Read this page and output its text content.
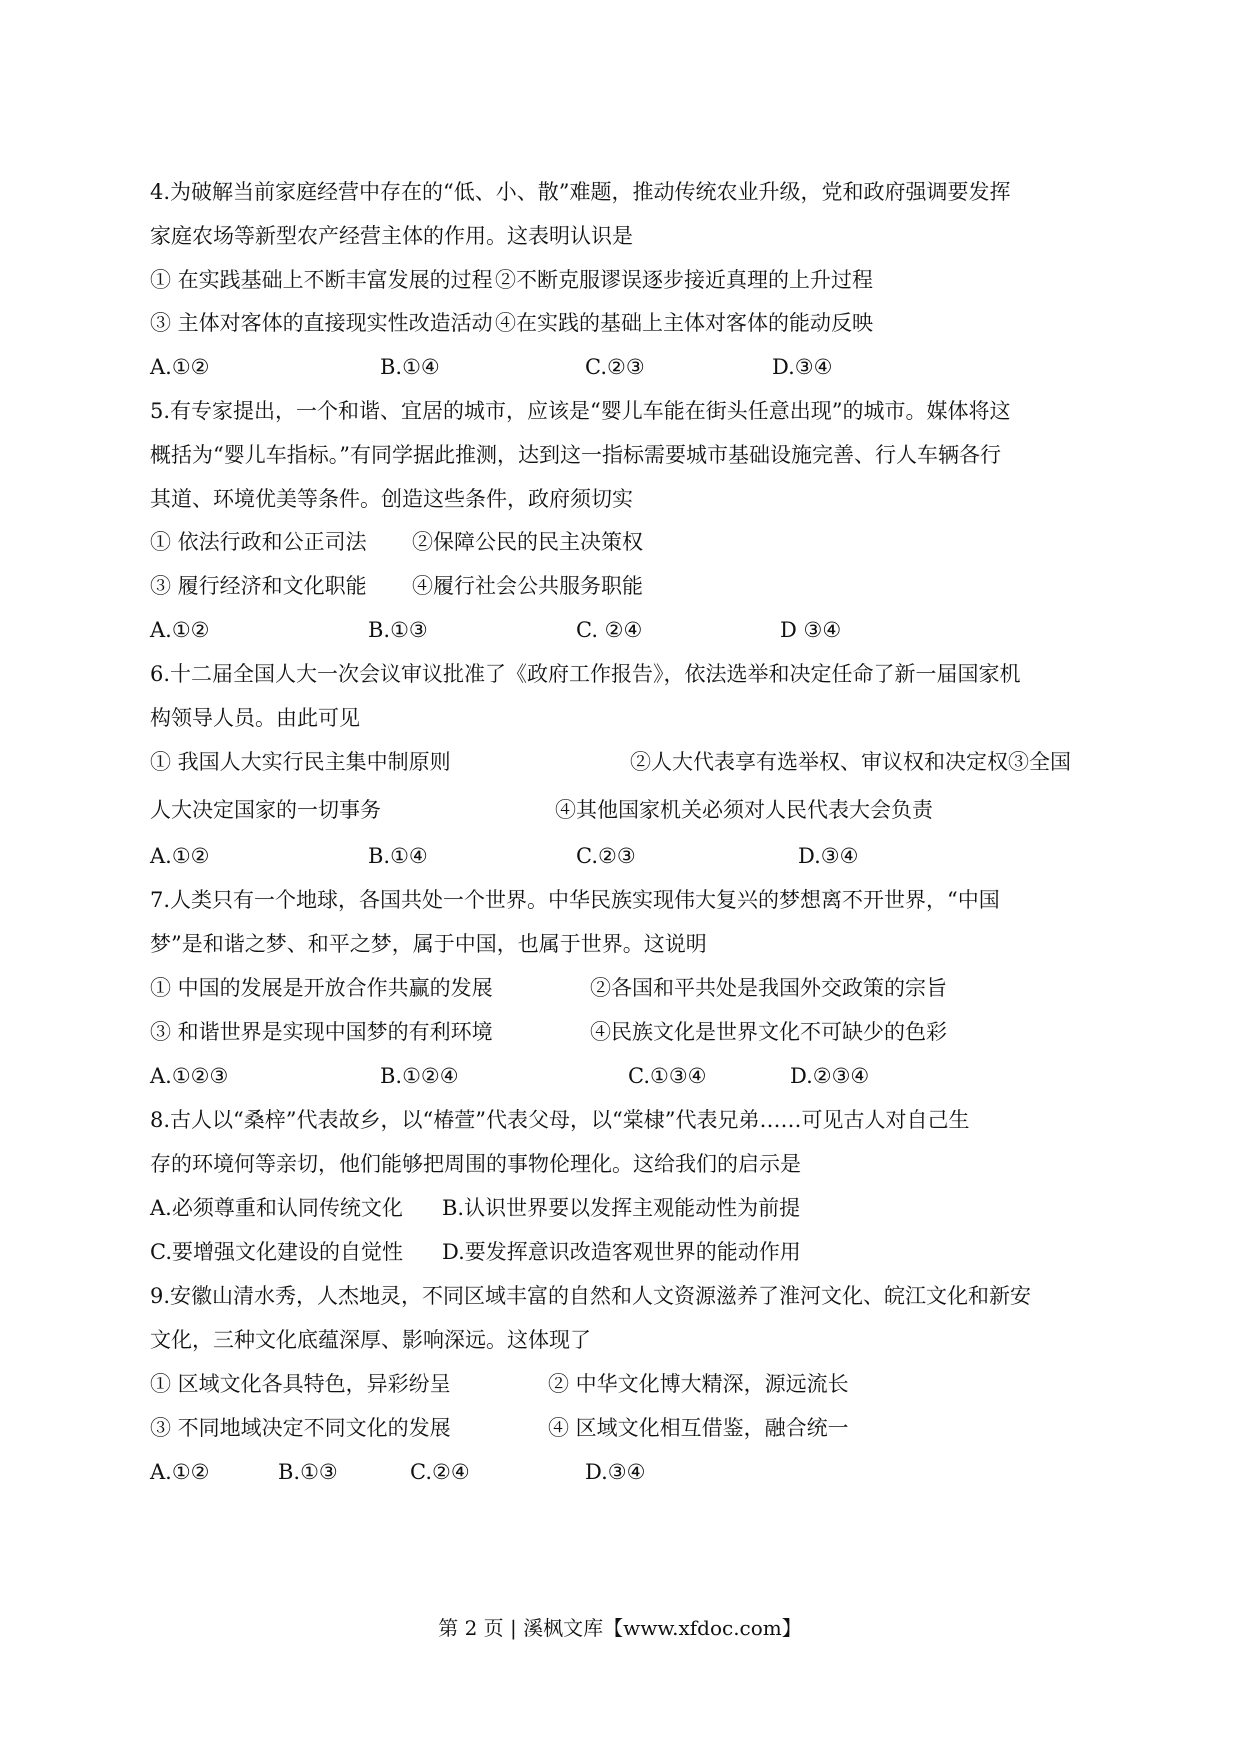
4.为破解当前家庭经营中存在的“低、小、散”难题，推动传统农业升级，党和政府强调要发挥
家庭农场等新型农产经营主体的作用。这表明认识是
① 在实践基础上不断丰富发展的过程 ②不断克服谬误逐步接近真理的上升过程
③ 主体对客体的直接现实性改造活动 ④在实践的基础上主体对客体的能动反映
A.①②	B.①④	C.②③	D.③④
5.有专家提出，一个和谐、宜居的城市，应该是“婴儿车能在街头任意出现”的城市。媒体将这
概括为“婴儿车指标。”有同学据此推测，达到这一指标需要城市基础设施完善、行人车辆各行
其道、环境优美等条件。创造这些条件，政府须切实
① 依法行政和公正司法 ②保障公民的民主决策权
③ 履行经济和文化职能 ④履行社会公共服务职能
A.①②	B.①③	C. ②④	D ③④
6.十二届全国人大一次会议审议批准了《政府工作报告》，依法选举和决定任命了新一届国家机
构领导人员。由此可见
① 我国人大实行民主集中制原则	②人大代表享有选举权、审议权和决定权③全国
人大决定国家的一切事务	④其他国家机关必须对人民代表大会负责
A.①②	B.①④	C.②③	D.③④
7.人类只有一个地球，各国共处一个世界。中华民族实现伟大复兴的梦想离不开世界，“中国
梦”是和谐之梦、和平之梦，属于中国，也属于世界。这说明
① 中国的发展是开放合作共赢的发展	②各国和平共处是我国外交政策的宗旨
③ 和谐世界是实现中国梦的有利环境	④民族文化是世界文化不可缺少的色彩
A.①②③	B.①②④	C.①③④	D.②③④
8.古人以“桑梓”代表故乡，以“椿萱”代表父母，以“棠棣”代表兄弟……可见古人对自己生
存的环境何等亲切，他们能够把周围的事物伦理化。这给我们的启示是
A.必须尊重和认同传统文化 B.认识世界要以发挥主观能动性为前提
C.要增强文化建设的自觉性 D.要发挥意识改造客观世界的能动作用
9.安徽山清水秀，人杰地灵，不同区域丰富的自然和人文资源滋养了淮河文化、皖江文化和新安
文化，三种文化底蕴深厚、影响深远。这体现了
① 区域文化各具特色，异彩纷呈	② 中华文化博大精深，源远流长
③ 不同地域决定不同文化的发展	④ 区域文化相互借鉴，融合统一
A.①②	B.①③	C.②④	D.③④
第 2 页 | 溪枫文库【www.xfdoc.com】
